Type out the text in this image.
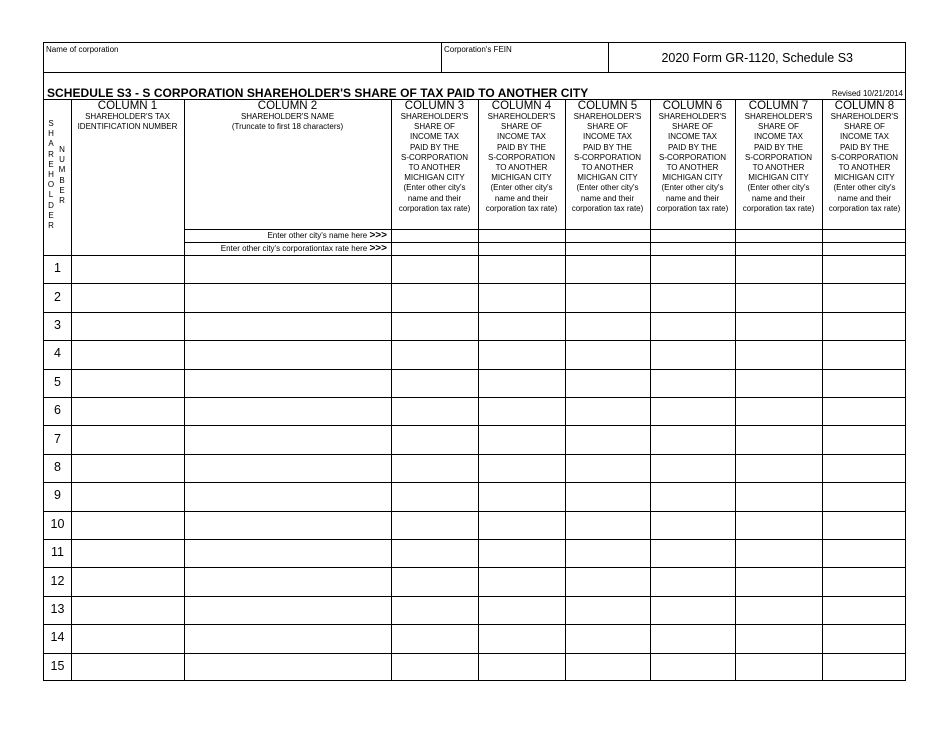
Name of corporation	Corporation's FEIN
2020 Form GR-1120, Schedule S3
SCHEDULE S3 - S CORPORATION SHAREHOLDER'S SHARE OF TAX PAID TO ANOTHER CITY	Revised 10/21/2014
S
H
A
R
E
H
O
L
D
E
R
N
U
M
B
E
R
COLUMN 1
SHAREHOLDER'S TAX
IDENTIFICATION NUMBER
COLUMN 2
SHAREHOLDER'S NAME
(Truncate to first 18 characters)
COLUMN 3
SHAREHOLDER'S
SHARE OF
INCOME TAX
PAID BY THE
S-CORPORATION
TO ANOTHER
MICHIGAN CITY
(Enter other city's
name and their
corporation tax rate)
COLUMN 4
SHAREHOLDER'S
SHARE OF
INCOME TAX
PAID BY THE
S-CORPORATION
TO ANOTHER
MICHIGAN CITY
(Enter other city's
name and their
corporation tax rate)
COLUMN 5
SHAREHOLDER'S
SHARE OF
INCOME TAX
PAID BY THE
S-CORPORATION
TO ANOTHER
MICHIGAN CITY
(Enter other city's
name and their
corporation tax rate)
COLUMN 6
SHAREHOLDER'S
SHARE OF
INCOME TAX
PAID BY THE
S-CORPORATION
TO ANOTHER
MICHIGAN CITY
(Enter other city's
name and their
corporation tax rate)
COLUMN 7
SHAREHOLDER'S
SHARE OF
INCOME TAX
PAID BY THE
S-CORPORATION
TO ANOTHER
MICHIGAN CITY
(Enter other city's
name and their
corporation tax rate)
COLUMN 8
SHAREHOLDER'S
SHARE OF
INCOME TAX
PAID BY THE
S-CORPORATION
TO ANOTHER
MICHIGAN CITY
(Enter other city's
name and their
corporation tax rate)
Enter other city's name here >>>
Enter other city's corporationtax rate here >>>
1
2
3
4
5
6
7
8
9
10
11
12
13
14
15
